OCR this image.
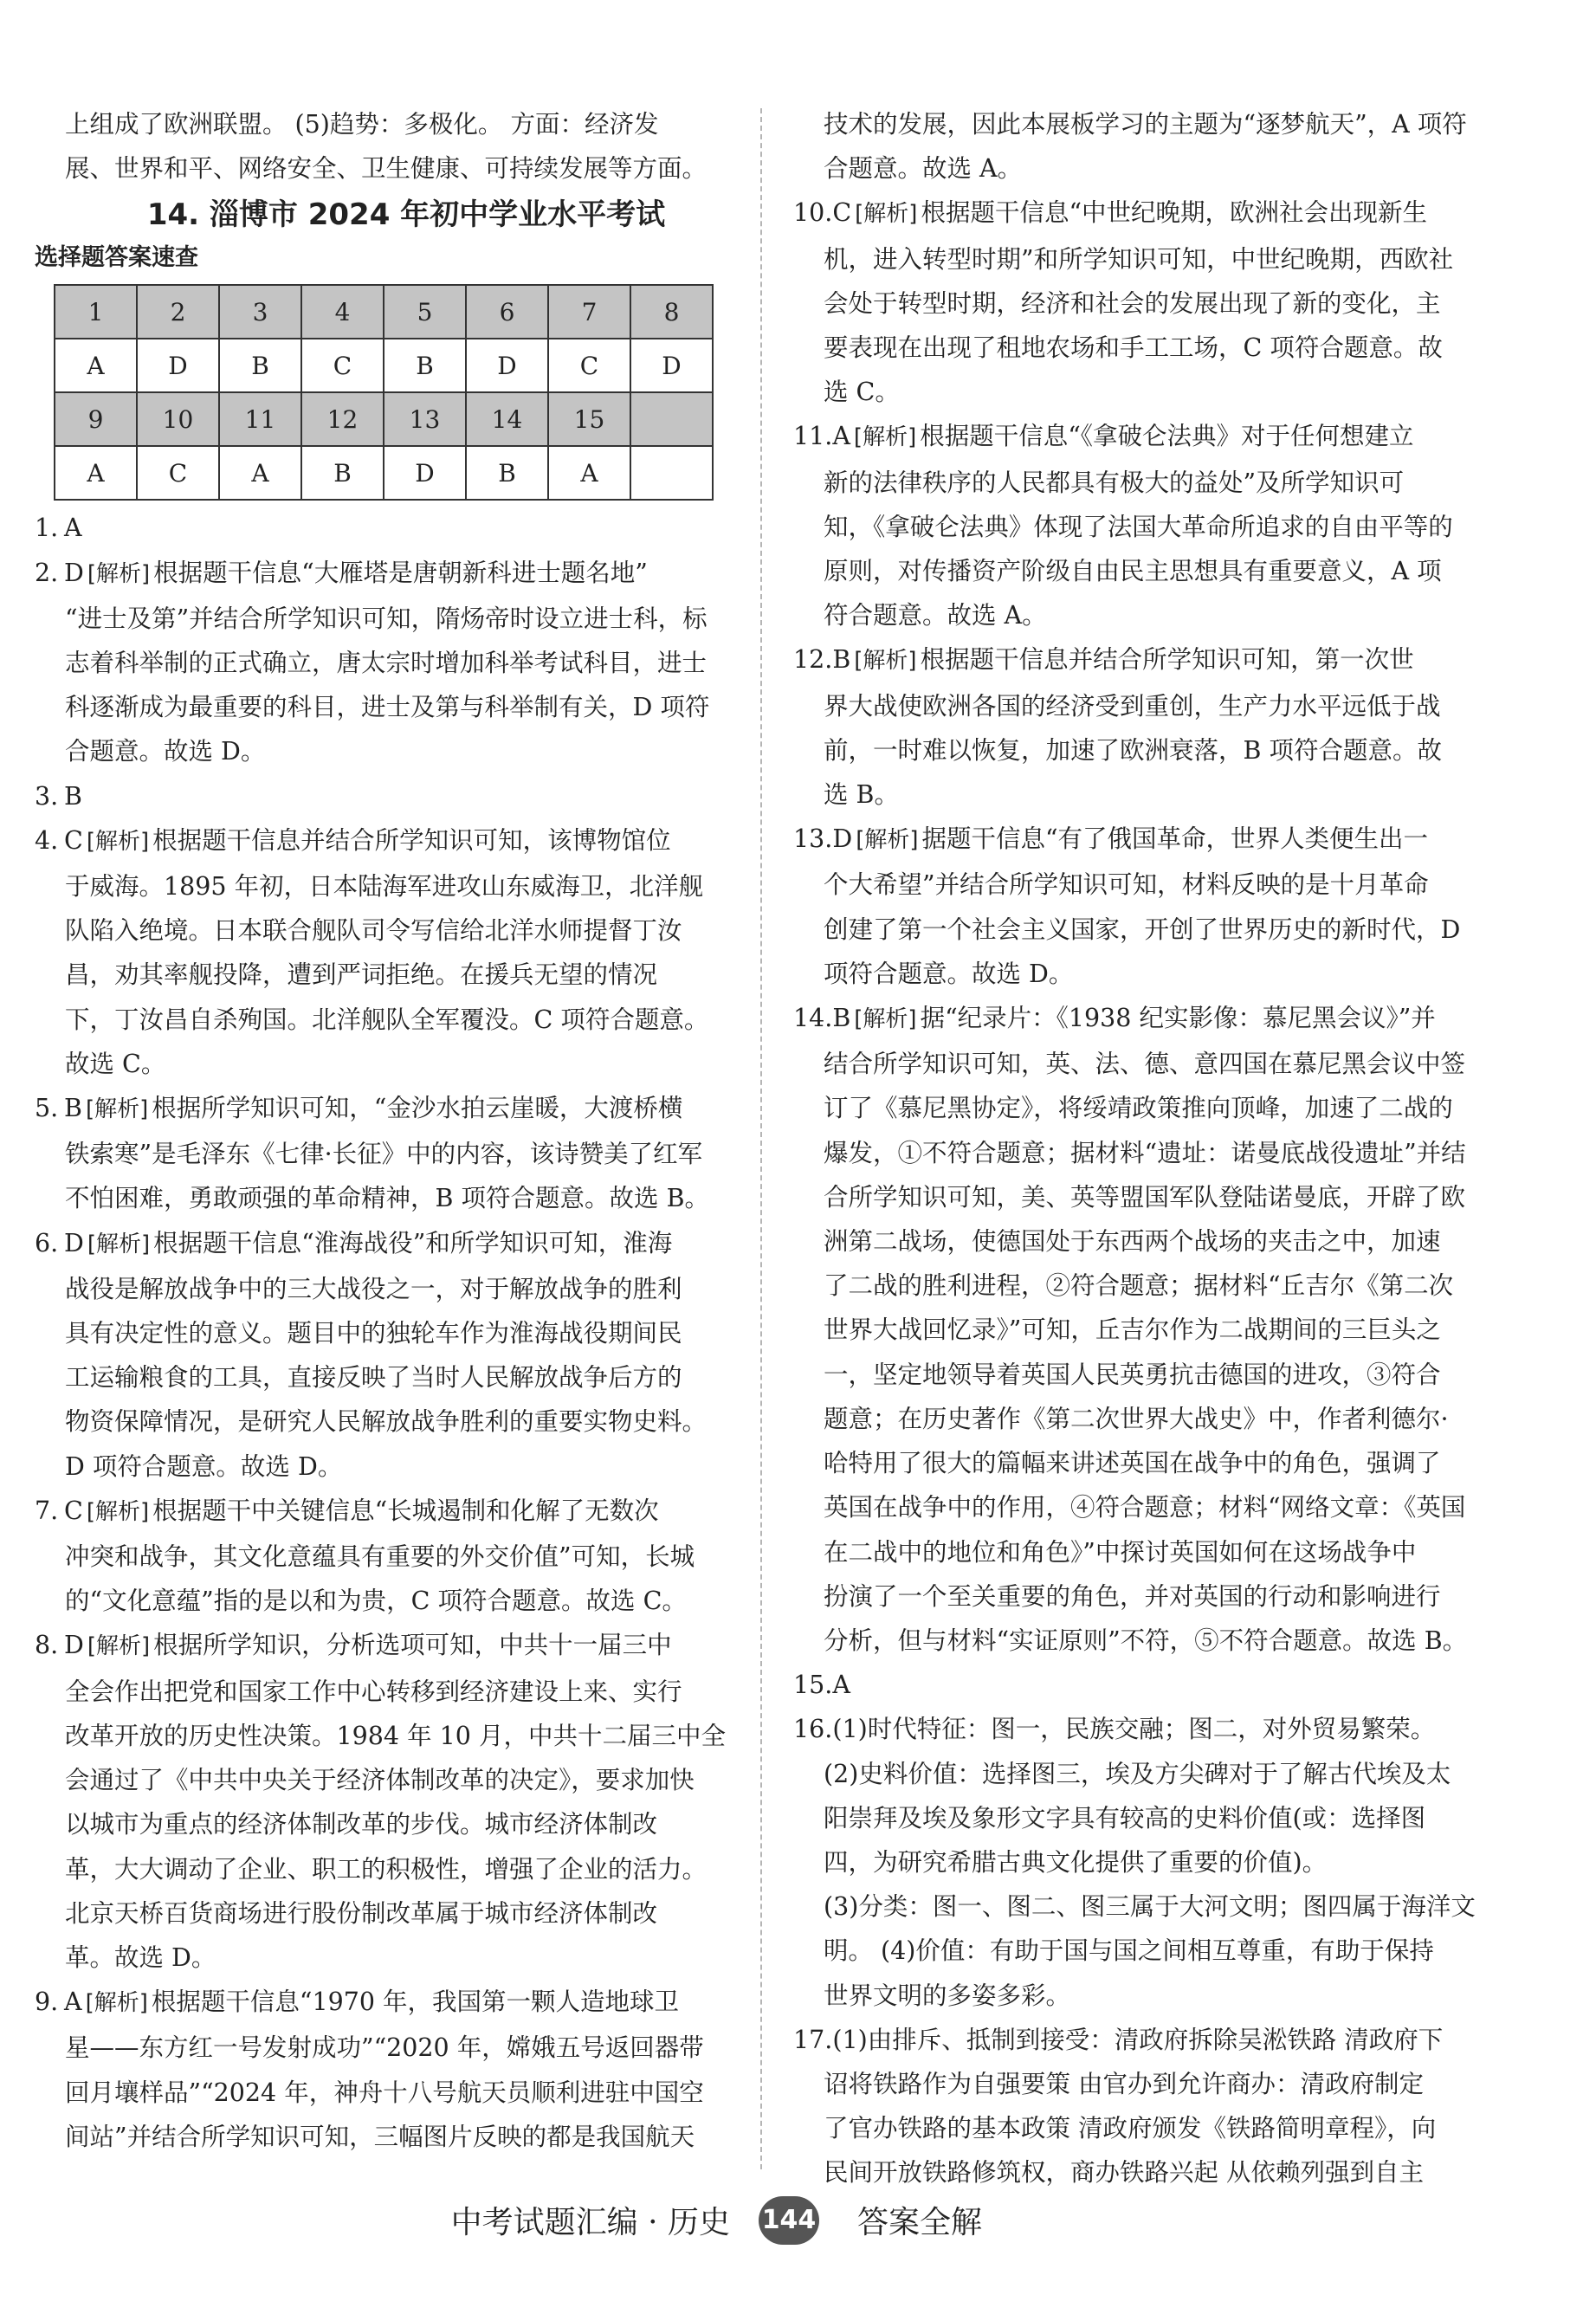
上组成了欧洲联盟。 (5)趋势：多极化。 方面：经济发

展、世界和平、网络安全、卫生健康、可持续发展等方面。

14. 淄博市 2024 年初中学业水平考试

选择题答案速查

1	2	3	4	5	6	7	8
A	D	B	C	B	D	C	D
9	10	11	12	13	14	15	
A	C	A	B	D	B	A	

1. A

2. D [解析] 根据题干信息“大雁塔是唐朝新科进士题名地”

“进士及第”并结合所学知识可知，隋炀帝时设立进士科，标

志着科举制的正式确立，唐太宗时增加科举考试科目，进士

科逐渐成为最重要的科目，进士及第与科举制有关，D 项符

合题意。故选 D。

3. B

4. C [解析] 根据题干信息并结合所学知识可知，该博物馆位

于威海。1895 年初，日本陆海军进攻山东威海卫，北洋舰

队陷入绝境。日本联合舰队司令写信给北洋水师提督丁汝

昌，劝其率舰投降，遭到严词拒绝。在援兵无望的情况

下，丁汝昌自杀殉国。北洋舰队全军覆没。C 项符合题意。

故选 C。

5. B [解析] 根据所学知识可知，“金沙水拍云崖暖，大渡桥横

铁索寒”是毛泽东《七律·长征》中的内容，该诗赞美了红军

不怕困难，勇敢顽强的革命精神，B 项符合题意。故选 B。

6. D [解析] 根据题干信息“淮海战役”和所学知识可知，淮海

战役是解放战争中的三大战役之一，对于解放战争的胜利

具有决定性的意义。题目中的独轮车作为淮海战役期间民

工运输粮食的工具，直接反映了当时人民解放战争后方的

物资保障情况，是研究人民解放战争胜利的重要实物史料。

D 项符合题意。故选 D。

7. C [解析] 根据题干中关键信息“长城遏制和化解了无数次

冲突和战争，其文化意蕴具有重要的外交价值”可知，长城

的“文化意蕴”指的是以和为贵，C 项符合题意。故选 C。

8. D [解析] 根据所学知识，分析选项可知，中共十一届三中

全会作出把党和国家工作中心转移到经济建设上来、实行

改革开放的历史性决策。1984 年 10 月，中共十二届三中全

会通过了《中共中央关于经济体制改革的决定》，要求加快

以城市为重点的经济体制改革的步伐。城市经济体制改

革，大大调动了企业、职工的积极性，增强了企业的活力。

北京天桥百货商场进行股份制改革属于城市经济体制改

革。故选 D。

9. A [解析] 根据题干信息“1970 年，我国第一颗人造地球卫

星——东方红一号发射成功”“2020 年，嫦娥五号返回器带

回月壤样品”“2024 年，神舟十八号航天员顺利进驻中国空

间站”并结合所学知识可知，三幅图片反映的都是我国航天

技术的发展，因此本展板学习的主题为“逐梦航天”，A 项符

合题意。故选 A。

10.C [解析] 根据题干信息“中世纪晚期，欧洲社会出现新生

机，进入转型时期”和所学知识可知，中世纪晚期，西欧社

会处于转型时期，经济和社会的发展出现了新的变化，主

要表现在出现了租地农场和手工工场，C 项符合题意。故

选 C。

11.A [解析] 根据题干信息“《拿破仑法典》对于任何想建立

新的法律秩序的人民都具有极大的益处”及所学知识可

知，《拿破仑法典》体现了法国大革命所追求的自由平等的

原则，对传播资产阶级自由民主思想具有重要意义，A 项

符合题意。故选 A。

12.B [解析] 根据题干信息并结合所学知识可知，第一次世

界大战使欧洲各国的经济受到重创，生产力水平远低于战

前，一时难以恢复，加速了欧洲衰落，B 项符合题意。故

选 B。

13.D [解析] 据题干信息“有了俄国革命，世界人类便生出一

个大希望”并结合所学知识可知，材料反映的是十月革命

创建了第一个社会主义国家，开创了世界历史的新时代，D

项符合题意。故选 D。

14.B [解析] 据“纪录片：《1938 纪实影像：慕尼黑会议》”并

结合所学知识可知，英、法、德、意四国在慕尼黑会议中签

订了《慕尼黑协定》，将绥靖政策推向顶峰，加速了二战的

爆发，①不符合题意；据材料“遗址：诺曼底战役遗址”并结

合所学知识可知，美、英等盟国军队登陆诺曼底，开辟了欧

洲第二战场，使德国处于东西两个战场的夹击之中，加速

了二战的胜利进程，②符合题意；据材料“丘吉尔《第二次

世界大战回忆录》”可知，丘吉尔作为二战期间的三巨头之

一，坚定地领导着英国人民英勇抗击德国的进攻，③符合

题意；在历史著作《第二次世界大战史》中，作者利德尔·

哈特用了很大的篇幅来讲述英国在战争中的角色，强调了

英国在战争中的作用，④符合题意；材料“网络文章：《英国

在二战中的地位和角色》”中探讨英国如何在这场战争中

扮演了一个至关重要的角色，并对英国的行动和影响进行

分析，但与材料“实证原则”不符，⑤不符合题意。故选 B。

15.A

16.(1)时代特征：图一，民族交融；图二，对外贸易繁荣。

(2)史料价值：选择图三，埃及方尖碑对于了解古代埃及太

阳崇拜及埃及象形文字具有较高的史料价值(或：选择图

四，为研究希腊古典文化提供了重要的价值)。

(3)分类：图一、图二、图三属于大河文明；图四属于海洋文

明。 (4)价值：有助于国与国之间相互尊重，有助于保持

世界文明的多姿多彩。

17.(1)由排斥、抵制到接受：清政府拆除吴淞铁路 清政府下

诏将铁路作为自强要策 由官办到允许商办：清政府制定

了官办铁路的基本政策 清政府颁发《铁路简明章程》，向

民间开放铁路修筑权，商办铁路兴起 从依赖列强到自主

中考试题汇编 · 历史 144 答案全解
